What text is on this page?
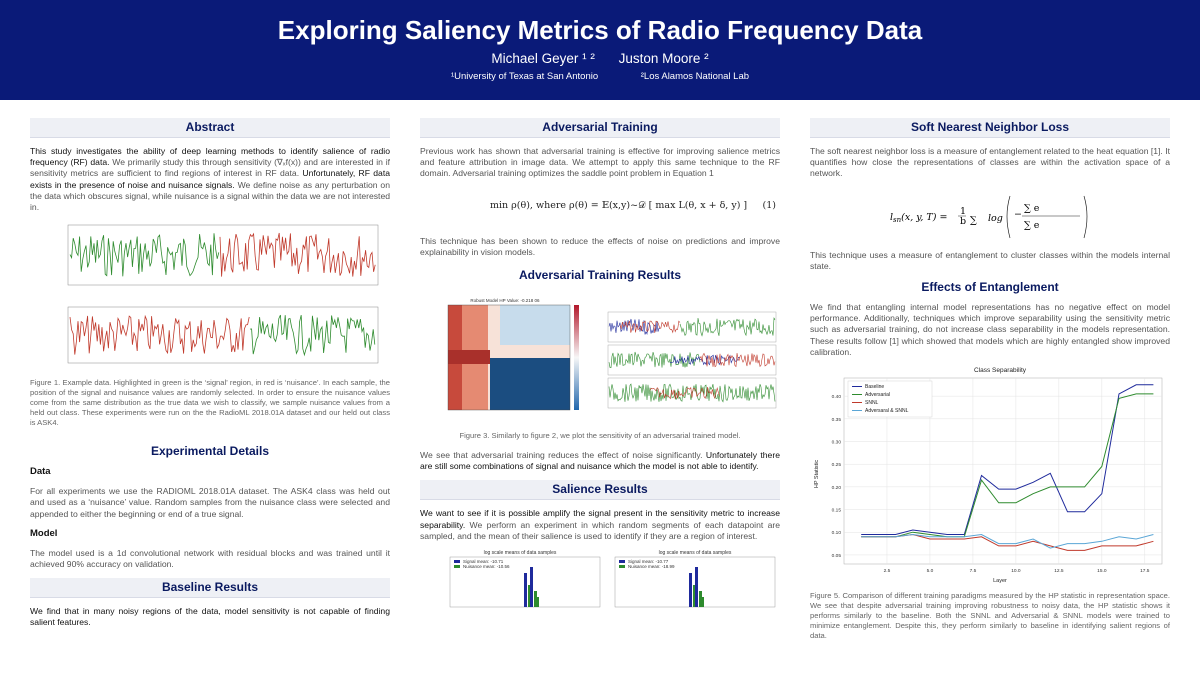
Exploring Saliency Metrics of Radio Frequency Data
Michael Geyer ¹ ² Juston Moore ²
¹University of Texas at San Antonio	²Los Alamos National Lab
Abstract

This study investigates the ability of deep learning methods to identify salience of radio frequency (RF) data. We primarily study this through sensitivity (∇ₓf(x)) and are interested in if sensitivity metrics are sufficient to find regions of interest in RF data. Unfortunately, RF data exists in the presence of noise and nuisance signals. We define noise as any perturbation on the data which obscures signal, while nuisance is a signal within the data we are not interested in.

Figure 1. Example data. Highlighted in green is the ‘signal’ region, in red is ‘nuisance’. In each sample, the position of the signal and nuisance values are randomly selected. In order to ensure the nuisance values come from the same distribution as the true data we wish to classify, we sample nuisance values from a held out class. These experiments were run on the the RadioML 2018.01A dataset and our held out class is ASK4.
Experimental Details
Data

For all experiments we use the RADIOML 2018.01A dataset. The ASK4 class was held out and used as a ‘nuisance’ value. Random samples from the nuisance class were selected and appended to either the beginning or end of a true signal.

Model

The model used is a 1d convolutional network with residual blocks and was trained until it achieved 90% accuracy on validation.

Baseline Results

We find that in many noisy regions of the data, model sensitivity is not capable of finding salient features.

Adversarial Training

Previous work has shown that adversarial training is effective for improving salience metrics and feature attribution in image data. We attempt to apply this same technique to the RF domain. Adversarial training optimizes the saddle point problem in Equation 1

min ρ(θ), where ρ(θ) = 𝔼(x,y)~𝒟 [ max L(θ, x + δ, y) ] (1)

This technique has been shown to reduce the effects of noise on predictions and improve explainability in vision models.

Adversarial Training Results
Robust Model HP Value: -0.218 06
Figure 3. Similarly to figure 2, we plot the sensitivity of an adversarial trained model.

We see that adversarial training reduces the effect of noise significantly. Unfortunately there are still some combinations of signal and nuisance which the model is not able to identify.

Salience Results

We want to see if it is possible amplify the signal present in the sensitivity metric to increase separability. We perform an experiment in which random segments of each datapoint are sampled, and the mean of their salience is used to identify if they are a region of interest.

log scale means of data samples
Signal mean: -10.71
Nuisance mean: -10.56
log scale means of data samples
Signal mean: -10.77
Nuisance mean: -18.99
Soft Nearest Neighbor Loss

The soft nearest neighbor loss is a measure of entanglement related to the heat equation [1]. It quantifies how close the representations of classes are within the activation space of a network.

$l_{sn}(x$, y, T) =
1
b ∑ log −
∑ e
∑ e

This technique uses a measure of entanglement to cluster classes within the models internal state.

Effects of Entanglement

We find that entangling internal model representations has no negative effect on model performance. Additionally, techniques which improve separability using the sensitivity metric such as adversarial training, do not increase class separability in the models representation. These results follow [1] which showed that models which are highly entangled show improved calibration.

Class Separability
Layer
HP Statistic
0.05
0.10
0.15
0.20
0.25
0.30
0.35
0.40
2.5	5.0	7.5	10.0	12.5	15.0	17.5
Baseline
Adversarial
SNNL
Adversaral & SNNL
Figure 5. Comparison of different training paradigms measured by the HP statistic in representation space. We see that despite adversarial training improving robustness to noisy data, the HP statistic shows it performs similarly to the baseline. Both the SNNL and Adversarial & SNNL models were trained to minimize entanglement. Despite this, they perform similarly to baseline in identifying salient regions of data.
